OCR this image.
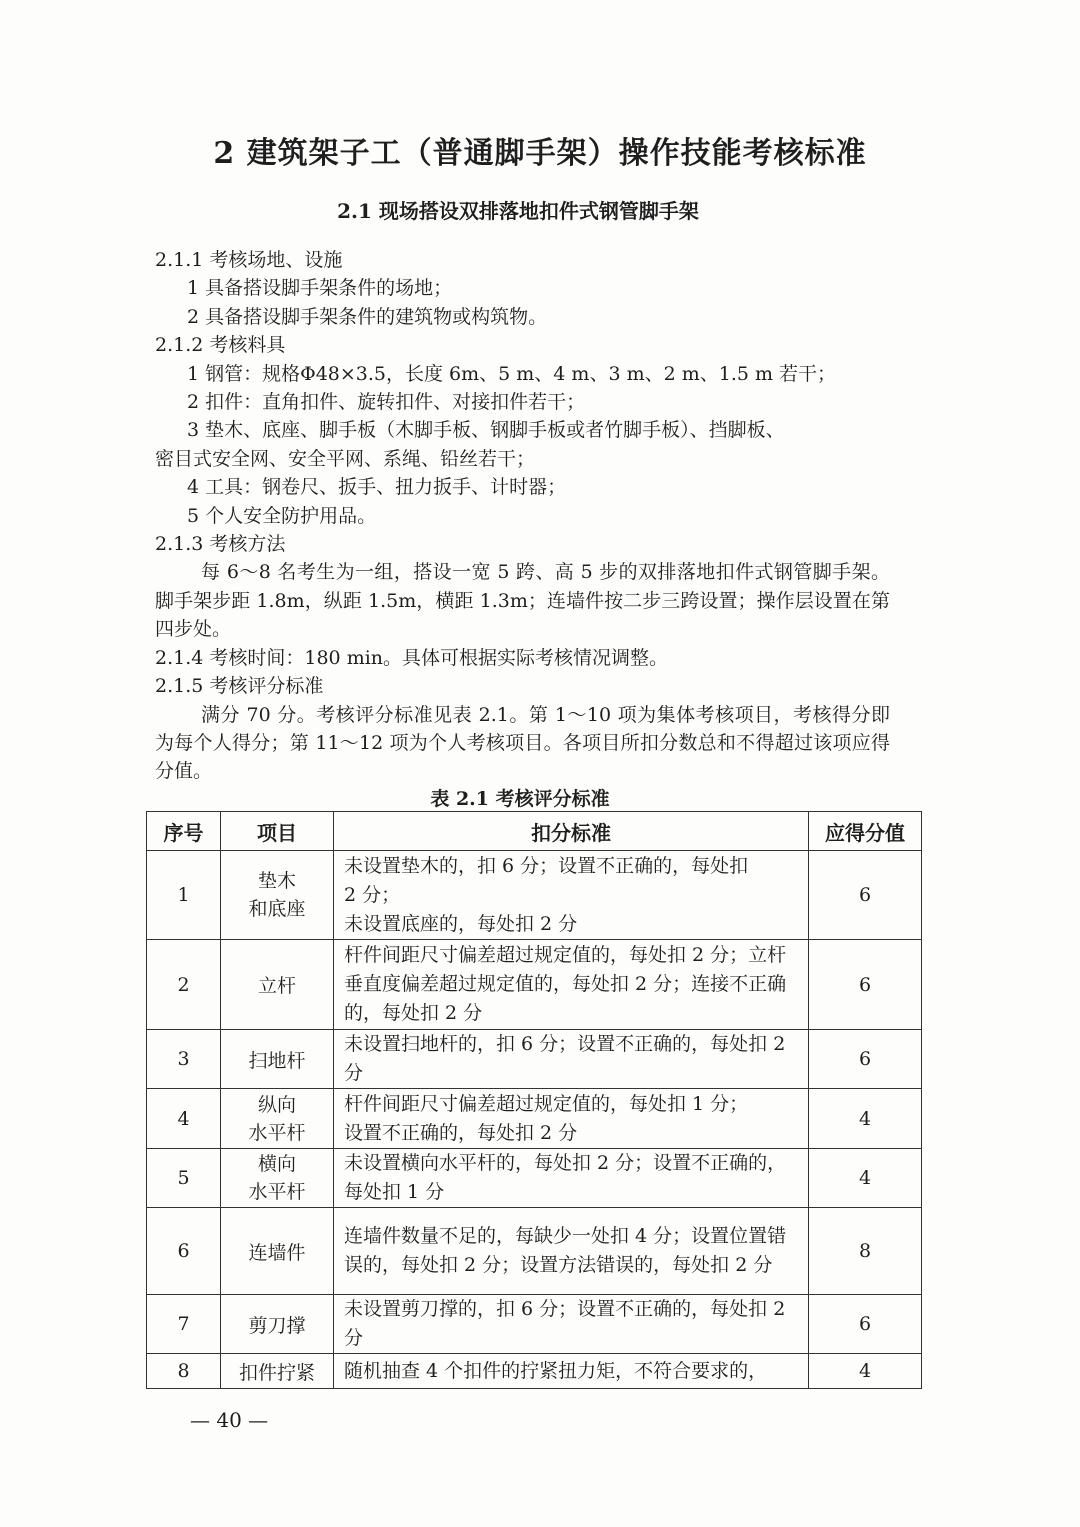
2 建筑架子工（普通脚手架）操作技能考核标准
2.1 现场搭设双排落地扣件式钢管脚手架
2.1.1 考核场地、设施
1 具备搭设脚手架条件的场地；
2 具备搭设脚手架条件的建筑物或构筑物。
2.1.2 考核料具
1 钢管：规格Φ48×3.5，长度 6m、5 m、4 m、3 m、2 m、1.5 m 若干；
2 扣件：直角扣件、旋转扣件、对接扣件若干；
3 垫木、底座、脚手板（木脚手板、钢脚手板或者竹脚手板）、挡脚板、
密目式安全网、安全平网、系绳、铅丝若干；
4 工具：钢卷尺、扳手、扭力扳手、计时器；
5 个人安全防护用品。
2.1.3 考核方法
每 6～8 名考生为一组，搭设一宽 5 跨、高 5 步的双排落地扣件式钢管脚手架。脚手架步距 1.8m，纵距 1.5m，横距 1.3m；连墙件按二步三跨设置；操作层设置在第四步处。
2.1.4 考核时间：180 min。具体可根据实际考核情况调整。
2.1.5 考核评分标准
满分 70 分。考核评分标准见表 2.1。第 1～10 项为集体考核项目，考核得分即为每个人得分；第 11～12 项为个人考核项目。各项目所扣分数总和不得超过该项应得分值。
表 2.1 考核评分标准
序号	项目	扣分标准	应得分值
1	垫木
和底座	未设置垫木的，扣 6 分；设置不正确的，每处扣
2 分；
未设置底座的，每处扣 2 分	6
2	立杆	杆件间距尺寸偏差超过规定值的，每处扣 2 分；立杆垂直度偏差超过规定值的，每处扣 2 分；连接不正确的，每处扣 2 分	6
3	扫地杆	未设置扫地杆的，扣 6 分；设置不正确的，每处扣 2 分	6
4	纵向
水平杆	杆件间距尺寸偏差超过规定值的，每处扣 1 分；
设置不正确的，每处扣 2 分	4
5	横向
水平杆	未设置横向水平杆的，每处扣 2 分；设置不正确的，每处扣 1 分	4
6	连墙件	连墙件数量不足的，每缺少一处扣 4 分；设置位置错误的，每处扣 2 分；设置方法错误的，每处扣 2 分	8
7	剪刀撑	未设置剪刀撑的，扣 6 分；设置不正确的，每处扣 2 分	6
8	扣件拧紧	随机抽查 4 个扣件的拧紧扭力矩，不符合要求的，	4
— 40 —
